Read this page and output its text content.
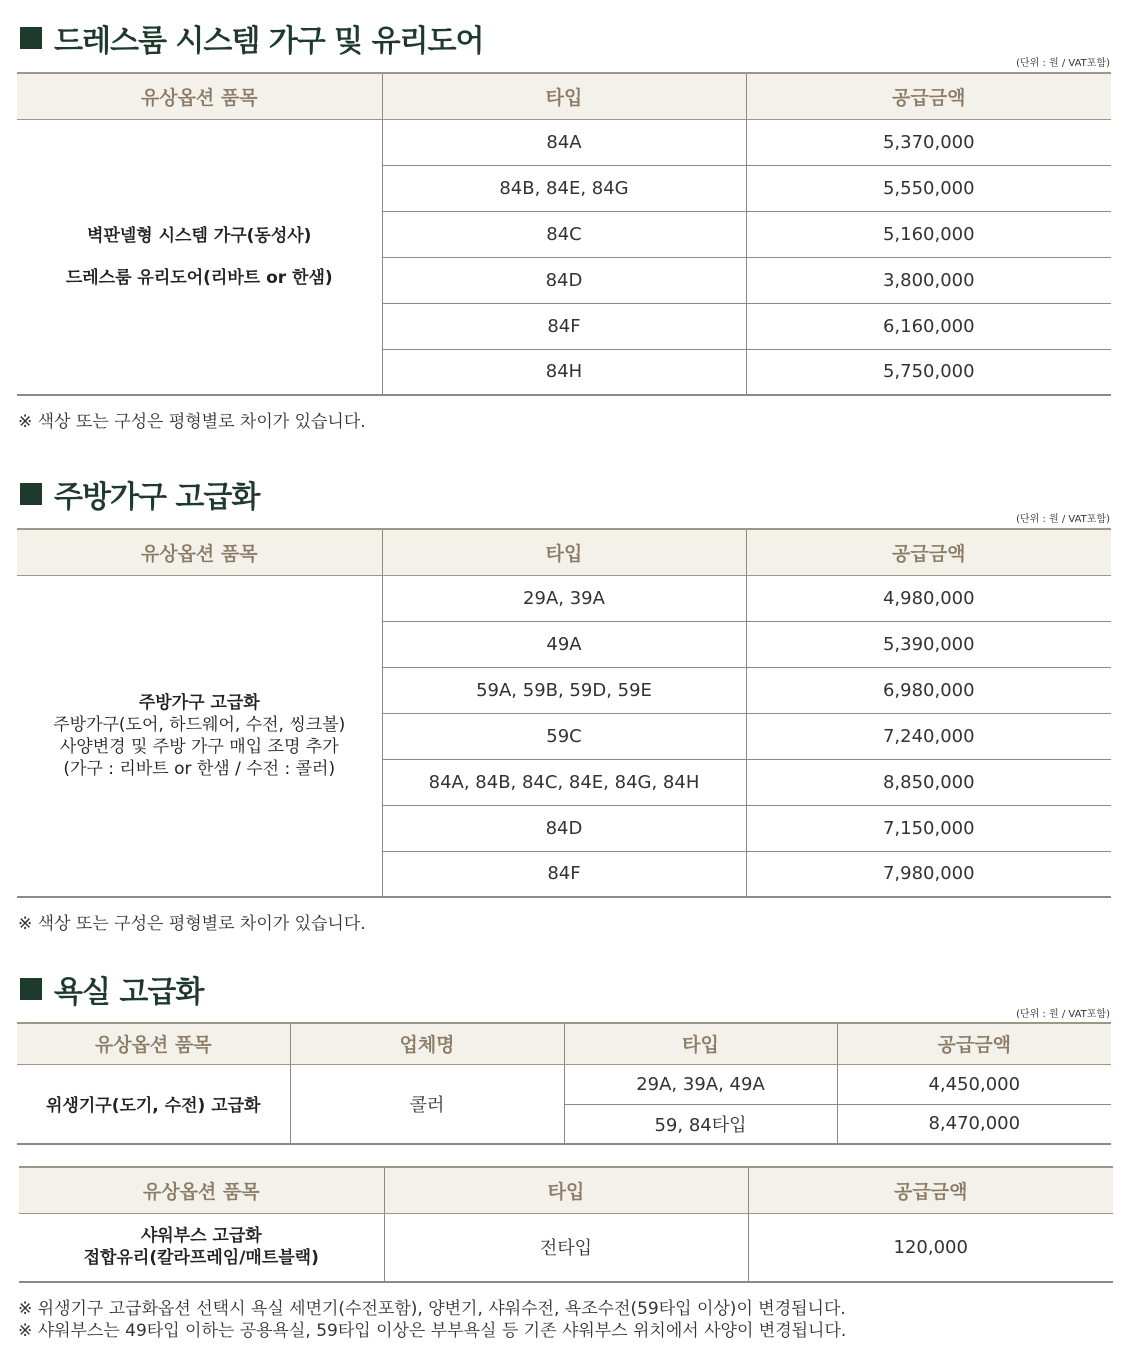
드레스룸 시스템 가구 및 유리도어
(단위 : 원 / VAT포함)
유상옵션 품목	타입	공급금액

벽판넬형 시스템 가구(동성사)
드레스룸 유리도어(리바트 or 한샘)	84A	5,370,000
	84B, 84E, 84G	5,550,000
	84C	5,160,000
	84D	3,800,000
	84F	6,160,000
	84H	5,750,000
※ 색상 또는 구성은 평형별로 차이가 있습니다.
주방가구 고급화
(단위 : 원 / VAT포함)
유상옵션 품목	타입	공급금액

주방가구 고급화
주방가구(도어, 하드웨어, 수전, 씽크볼)
사양변경 및 주방 가구 매입 조명 추가
(가구 : 리바트 or 한샘 / 수전 : 콜러)	29A, 39A	4,980,000
	49A	5,390,000
	59A, 59B, 59D, 59E	6,980,000
	59C	7,240,000
	84A, 84B, 84C, 84E, 84G, 84H	8,850,000
	84D	7,150,000
	84F	7,980,000
※ 색상 또는 구성은 평형별로 차이가 있습니다.
욕실 고급화
(단위 : 원 / VAT포함)
유상옵션 품목	업체명	타입	공급금액
위생기구(도기, 수전) 고급화	콜러	29A, 39A, 49A	4,450,000
		59, 84타입	8,470,000
유상옵션 품목	타입	공급금액

샤워부스 고급화
접합유리(칼라프레임/매트블랙)	전타입	120,000
※ 위생기구 고급화옵션 선택시 욕실 세면기(수전포함), 양변기, 샤워수전, 욕조수전(59타입 이상)이 변경됩니다.
※ 샤워부스는 49타입 이하는 공용욕실, 59타입 이상은 부부욕실 등 기존 샤워부스 위치에서 사양이 변경됩니다.
